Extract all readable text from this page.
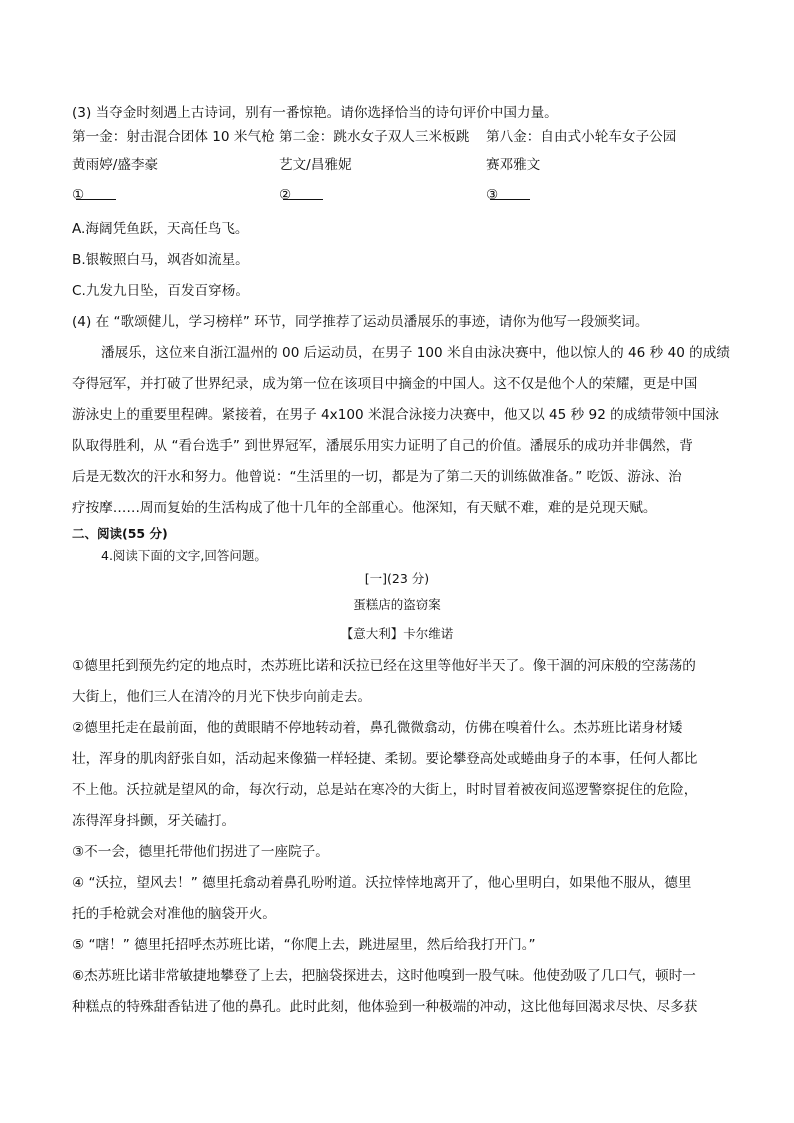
(3) 当夺金时刻遇上古诗词，别有一番惊艳。请你选择恰当的诗句评价中国力量。
第一金：射击混合团体 10 米气枪 第二金：跳水女子双人三米板跳 第八金：自由式小轮车女子公园
黄雨婷/盛李豪	艺文/昌雅妮	赛邓雅文
①	②	③
A.海阔凭鱼跃，天高任鸟飞。
B.银鞍照白马，飒沓如流星。
C.九发九日坠，百发百穿杨。
(4) 在 “歌颂健儿，学习榜样” 环节，同学推荐了运动员潘展乐的事迹，请你为他写一段颁奖词。
潘展乐，这位来自浙江温州的 00 后运动员，在男子 100 米自由泳决赛中，他以惊人的 46 秒 40 的成绩
夺得冠军，并打破了世界纪录，成为第一位在该项目中摘金的中国人。这不仅是他个人的荣耀，更是中国
游泳史上的重要里程碑。紧接着，在男子 4x100 米混合泳接力决赛中，他又以 45 秒 92 的成绩带领中国泳
队取得胜利，从 “看台选手” 到世界冠军，潘展乐用实力证明了自己的价值。潘展乐的成功并非偶然，背
后是无数次的汗水和努力。他曾说：“生活里的一切，都是为了第二天的训练做准备。” 吃饭、游泳、治
疗按摩……周而复始的生活构成了他十几年的全部重心。他深知，有天赋不难，难的是兑现天赋。
二、阅读(55 分)
4.阅读下面的文字,回答问题。
[一](23 分)
蛋糕店的盗窃案
【意大利】卡尔维诺
①德里托到预先约定的地点时，杰苏班比诺和沃拉已经在这里等他好半天了。像干涸的河床般的空荡荡的
大街上，他们三人在清冷的月光下快步向前走去。
②德里托走在最前面，他的黄眼睛不停地转动着，鼻孔微微翕动，仿佛在嗅着什么。杰苏班比诺身材矮
壮，浑身的肌肉舒张自如，活动起来像猫一样轻捷、柔韧。要论攀登高处或蜷曲身子的本事，任何人都比
不上他。沃拉就是望风的命，每次行动，总是站在寒冷的大街上，时时冒着被夜间巡逻警察捉住的危险，
冻得浑身抖颤，牙关磕打。
③不一会，德里托带他们拐进了一座院子。
④ “沃拉，望风去！” 德里托翕动着鼻孔吩咐道。沃拉悻悻地离开了，他心里明白，如果他不服从，德里
托的手枪就会对准他的脑袋开火。
⑤ “嗐！” 德里托招呼杰苏班比诺，“你爬上去，跳进屋里，然后给我打开门。”
⑥杰苏班比诺非常敏捷地攀登了上去，把脑袋探进去，这时他嗅到一股气味。他使劲吸了几口气，顿时一
种糕点的特殊甜香钻进了他的鼻孔。此时此刻，他体验到一种极端的冲动，这比他每回渴求尽快、尽多获
